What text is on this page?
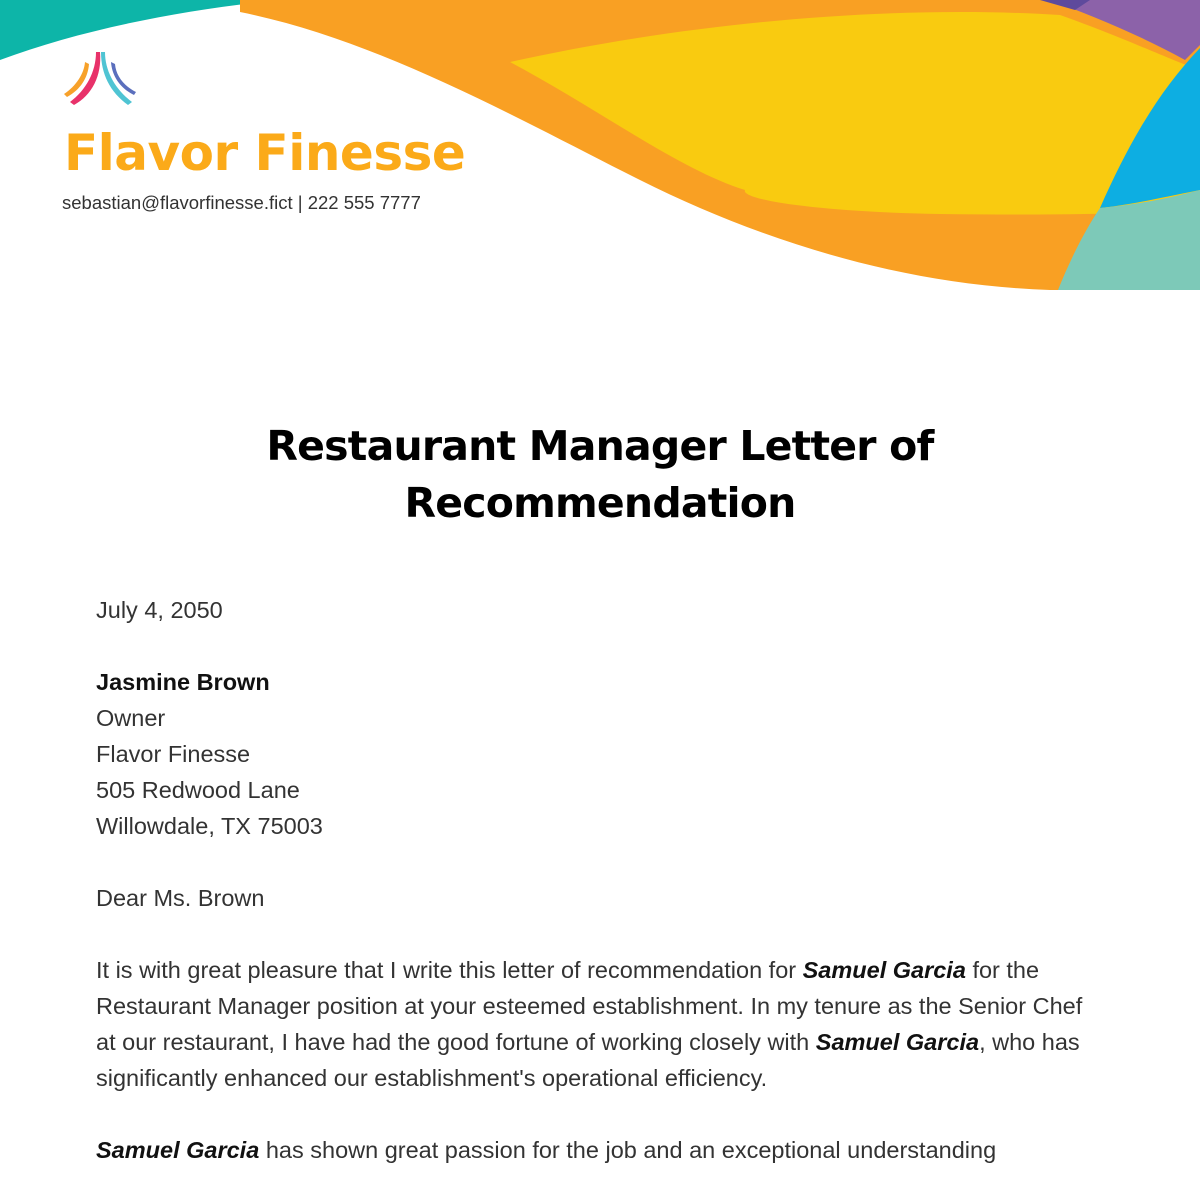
Flavor Finesse
sebastian@flavorfinesse.fict | 222 555 7777
Restaurant Manager Letter of
Recommendation

July 4, 2050

Jasmine Brown

Owner

Flavor Finesse

505 Redwood Lane

Willowdale, TX 75003

Dear Ms. Brown

It is with great pleasure that I write this letter of recommendation for Samuel Garcia for the Restaurant Manager position at your esteemed establishment. In my tenure as the Senior Chef at our restaurant, I have had the good fortune of working closely with Samuel Garcia, who has significantly enhanced our establishment's operational efficiency.

Samuel Garcia has shown great passion for the job and an exceptional understanding
